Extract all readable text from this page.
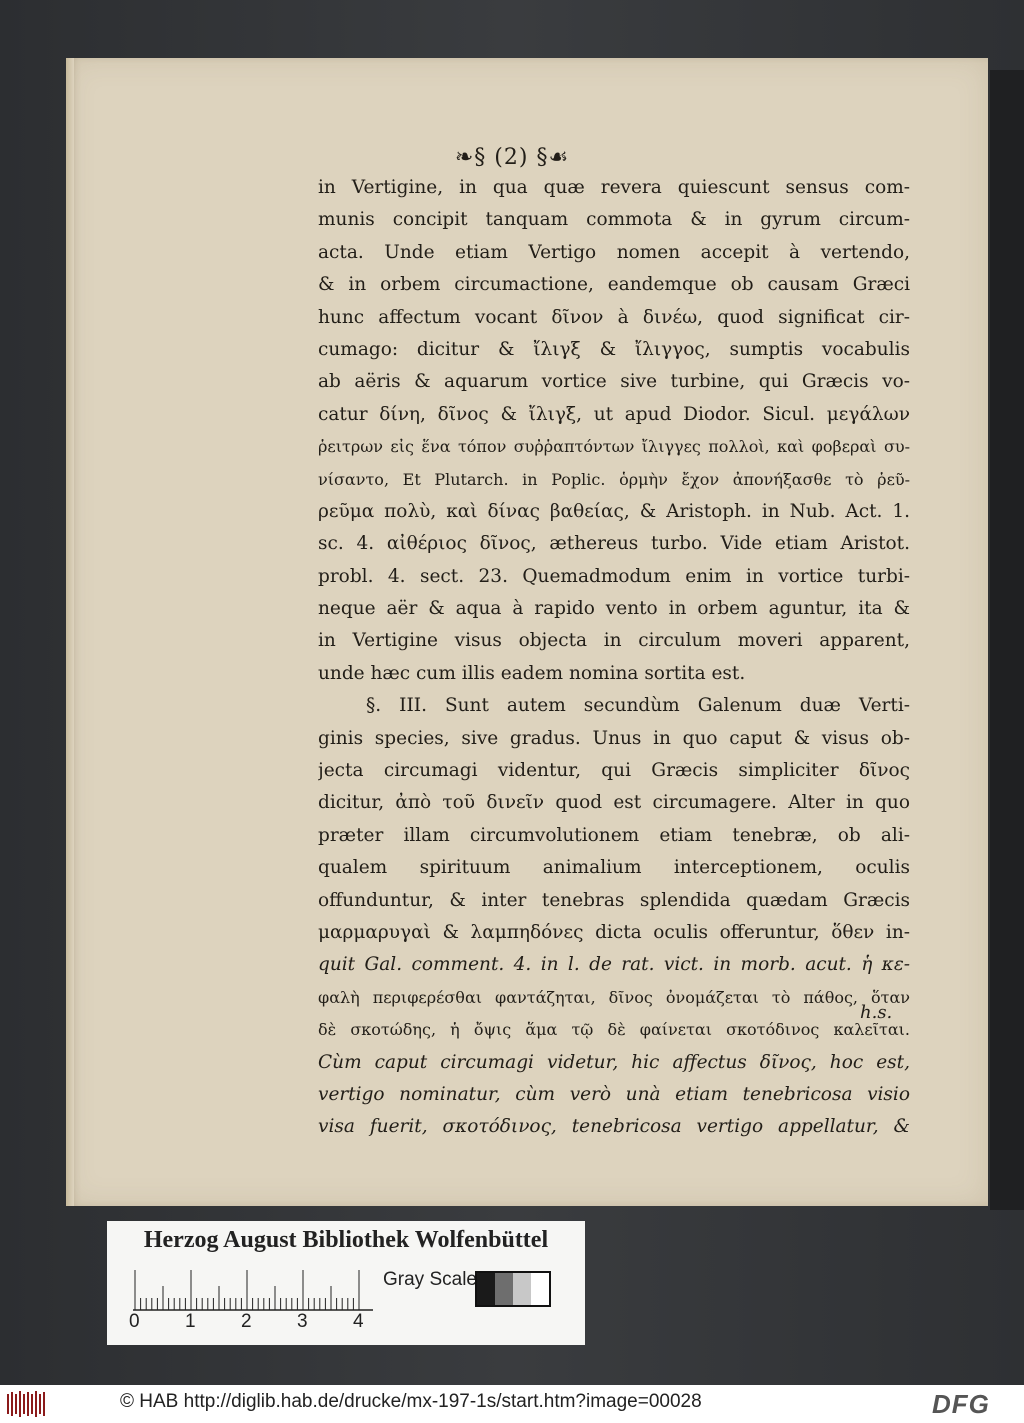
❧§ (2) §☙
in Vertigine, in qua quæ revera quiescunt sensus com-
munis concipit tanquam commota & in gyrum circum-
acta. Unde etiam Vertigo nomen accepit à vertendo,
& in orbem circumactione, eandemque ob causam Græci
hunc affectum vocant δῖνον à δινέω, quod significat cir-
cumago: dicitur & ἴλιγξ & ἴλιγγος, sumptis vocabulis
ab aëris & aquarum vortice sive turbine, qui Græcis vo-
catur δίνη, δῖνος & ἴλιγξ, ut apud Diodor. Sicul. μεγάλων
ῥειτρων εἰς ἕνα τόπον συῤῥαπτόντων ἴλιγγες πολλοὶ, καὶ φοβεραὶ συ-
νίσαντο, Et Plutarch. in Poplic. ὁρμὴν ἔχον ἀπονήξασθε τὸ ῥεῦ-
ρεῦμα πολὺ, καὶ δίνας βαθείας, & Aristoph. in Nub. Act. 1.
sc. 4. αἰθέριος δῖνος, æthereus turbo. Vide etiam Aristot.
probl. 4. sect. 23. Quemadmodum enim in vortice turbi-
neque aër & aqua à rapido vento in orbem aguntur, ita &
in Vertigine visus objecta in circulum moveri apparent,
unde hæc cum illis eadem nomina sortita est.
§. III. Sunt autem secundùm Galenum duæ Verti-
ginis species, sive gradus. Unus in quo caput & visus ob-
jecta circumagi videntur, qui Græcis simpliciter δῖνος
dicitur, ἀπὸ τοῦ δινεῖν quod est circumagere. Alter in quo
præter illam circumvolutionem etiam tenebræ, ob ali-
qualem spirituum animalium interceptionem, oculis
offunduntur, & inter tenebras splendida quædam Græcis
μαρμαρυγαὶ & λαμπηδόνες dicta oculis offeruntur, ὅθεν in-
quit Gal. comment. 4. in l. de rat. vict. in morb. acut. ἡ κε-
φαλὴ περιφερέσθαι φαντάζηται, δῖνος ὀνομάζεται τὸ πάθος, ὅταν
δὲ σκοτώδης, ἡ ὄψις ἅμα τῷ δὲ φαίνεται σκοτόδινος καλεῖται.
Cùm caput circumagi videtur, hic affectus δῖνος, hoc est,
vertigo nominatur, cùm verò unà etiam tenebricosa visio
visa fuerit, σκοτόδινος, tenebricosa vertigo appellatur, &
h.s.
Herzog August Bibliothek Wolfenbüttel
0 1 2 3 4
Gray Scale
© HAB http://diglib.hab.de/drucke/mx-197-1s/start.htm?image=00028	DFG
